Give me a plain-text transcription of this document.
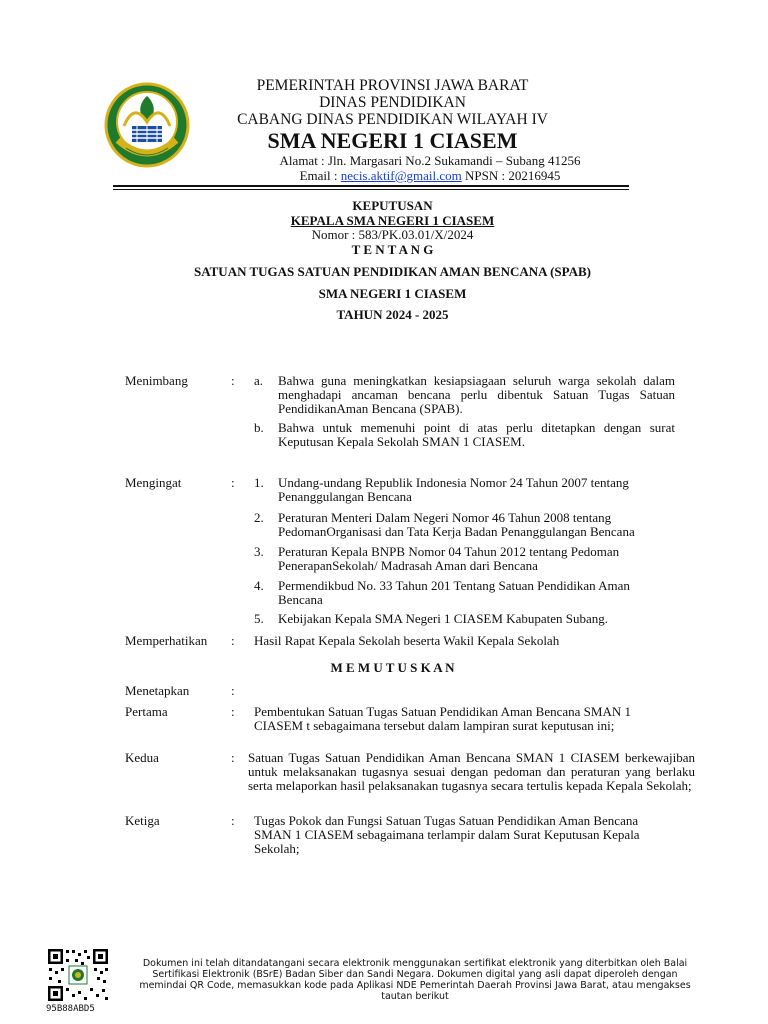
PEMERINTAH PROVINSI JAWA BARAT
DINAS PENDIDIKAN
CABANG DINAS PENDIDIKAN WILAYAH IV
SMA NEGERI 1 CIASEM
Alamat : Jln. Margasari No.2 Sukamandi – Subang 41256
Email : necis.aktif@gmail.com NPSN : 20216945
KEPUTUSAN
KEPALA SMA NEGERI 1 CIASEM
Nomor : 583/PK.03.01/X/2024
T E N T A N G
SATUAN TUGAS SATUAN PENDIDIKAN AMAN BENCANA (SPAB)
SMA NEGERI 1 CIASEM
TAHUN 2024 - 2025
Menimbang	: a. Bahwa guna meningkatkan kesiapsiagaan seluruh warga sekolah dalam menghadapi ancaman bencana perlu dibentuk Satuan Tugas Satuan PendidikanAman Bencana (SPAB).
b. Bahwa untuk memenuhi point di atas perlu ditetapkan dengan surat Keputusan Kepala Sekolah SMAN 1 CIASEM.
Mengingat	: 1. Undang-undang Republik Indonesia Nomor 24 Tahun 2007 tentang Penanggulangan Bencana
2. Peraturan Menteri Dalam Negeri Nomor 46 Tahun 2008 tentang PedomanOrganisasi dan Tata Kerja Badan Penanggulangan Bencana
3. Peraturan Kepala BNPB Nomor 04 Tahun 2012 tentang Pedoman PenerapanSekolah/ Madrasah Aman dari Bencana
4. Permendikbud No. 33 Tahun 201 Tentang Satuan Pendidikan Aman Bencana
5. Kebijakan Kepala SMA Negeri 1 CIASEM Kabupaten Subang.
Memperhatikan : Hasil Rapat Kepala Sekolah beserta Wakil Kepala Sekolah
M E M U T U S K A N
Menetapkan	:
Pertama	: Pembentukan Satuan Tugas Satuan Pendidikan Aman Bencana SMAN 1 CIASEM t sebagaimana tersebut dalam lampiran surat keputusan ini;
Kedua	: Satuan Tugas Satuan Pendidikan Aman Bencana SMAN 1 CIASEM berkewajiban untuk melaksanakan tugasnya sesuai dengan pedoman dan peraturan yang berlaku serta melaporkan hasil pelaksanakan tugasnya secara tertulis kepada Kepala Sekolah;
Ketiga	: Tugas Pokok dan Fungsi Satuan Tugas Satuan Pendidikan Aman Bencana SMAN 1 CIASEM sebagaimana terlampir dalam Surat Keputusan Kepala Sekolah;
95B88ABD5
Dokumen ini telah ditandatangani secara elektronik menggunakan sertifikat elektronik yang diterbitkan oleh Balai Sertifikasi Elektronik (BSrE) Badan Siber dan Sandi Negara. Dokumen digital yang asli dapat diperoleh dengan memindai QR Code, memasukkan kode pada Aplikasi NDE Pemerintah Daerah Provinsi Jawa Barat, atau mengakses tautan berikut
